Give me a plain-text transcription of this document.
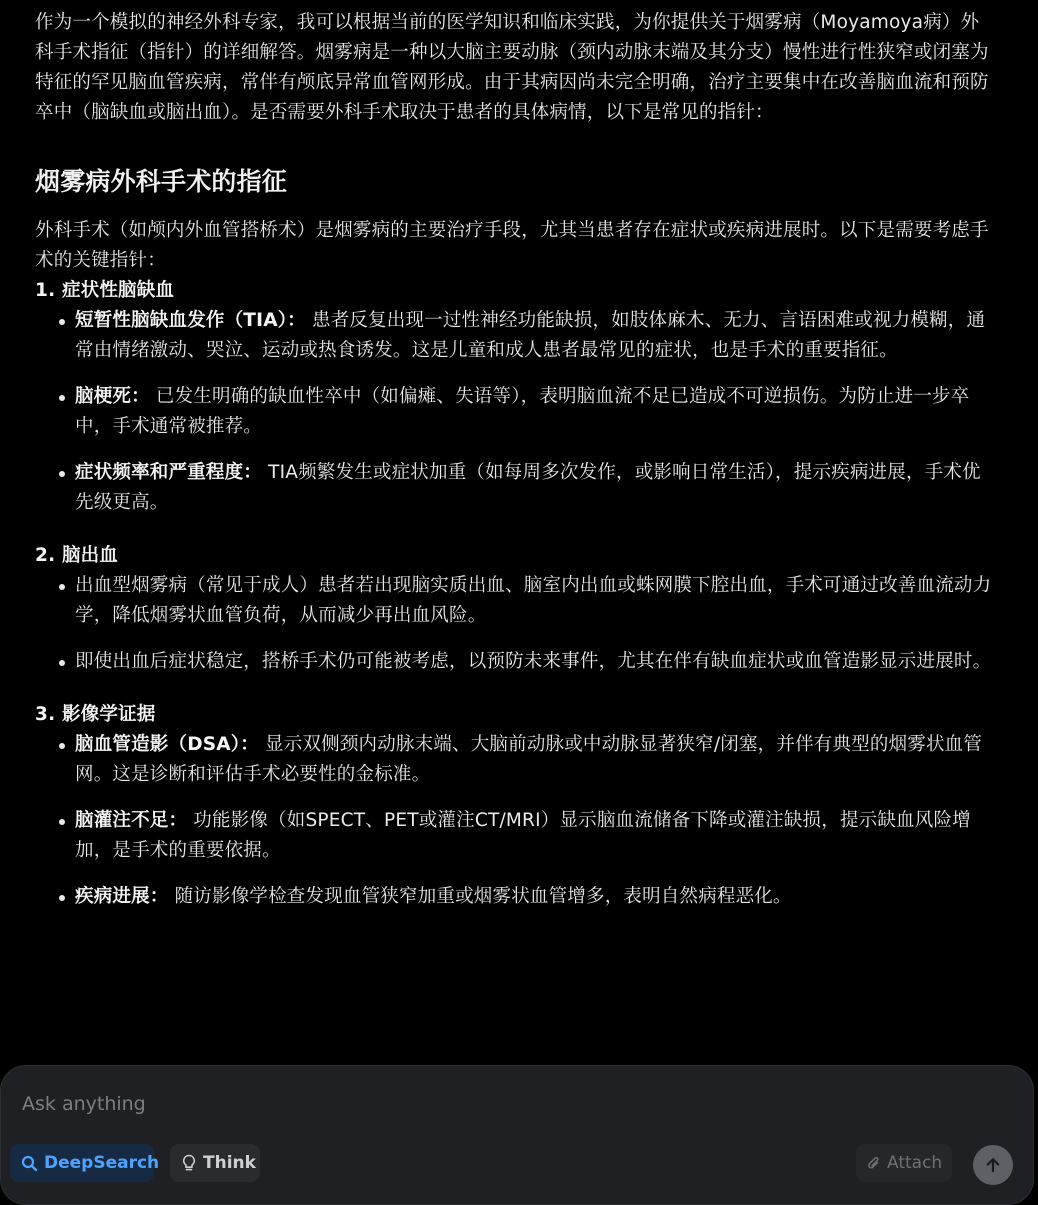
作为一个模拟的神经外科专家，我可以根据当前的医学知识和临床实践，为你提供关于烟雾病（Moyamoya病）外科手术指征（指针）的详细解答。烟雾病是一种以大脑主要动脉（颈内动脉末端及其分支）慢性进行性狭窄或闭塞为特征的罕见脑血管疾病，常伴有颅底异常血管网形成。由于其病因尚未完全明确，治疗主要集中在改善脑血流和预防卒中（脑缺血或脑出血）。是否需要外科手术取决于患者的具体病情，以下是常见的指针：

烟雾病外科手术的指征

外科手术（如颅内外血管搭桥术）是烟雾病的主要治疗手段，尤其当患者存在症状或疾病进展时。以下是需要考虑手术的关键指针：

1. 症状性脑缺血
短暂性脑缺血发作（TIA）： 患者反复出现一过性神经功能缺损，如肢体麻木、无力、言语困难或视力模糊，通常由情绪激动、哭泣、运动或热食诱发。这是儿童和成人患者最常见的症状，也是手术的重要指征。
脑梗死： 已发生明确的缺血性卒中（如偏瘫、失语等），表明脑血流不足已造成不可逆损伤。为防止进一步卒中，手术通常被推荐。
症状频率和严重程度： TIA频繁发生或症状加重（如每周多次发作，或影响日常生活），提示疾病进展，手术优先级更高。
2. 脑出血
出血型烟雾病（常见于成人）患者若出现脑实质出血、脑室内出血或蛛网膜下腔出血，手术可通过改善血流动力学，降低烟雾状血管负荷，从而减少再出血风险。
即使出血后症状稳定，搭桥手术仍可能被考虑，以预防未来事件，尤其在伴有缺血症状或血管造影显示进展时。
3. 影像学证据
脑血管造影（DSA）： 显示双侧颈内动脉末端、大脑前动脉或中动脉显著狭窄/闭塞，并伴有典型的烟雾状血管网。这是诊断和评估手术必要性的金标准。
脑灌注不足： 功能影像（如SPECT、PET或灌注CT/MRI）显示脑血流储备下降或灌注缺损，提示缺血风险增加，是手术的重要依据。
疾病进展： 随访影像学检查发现血管狭窄加重或烟雾状血管增多，表明自然病程恶化。
Ask anything
DeepSearch	Think	Attach
